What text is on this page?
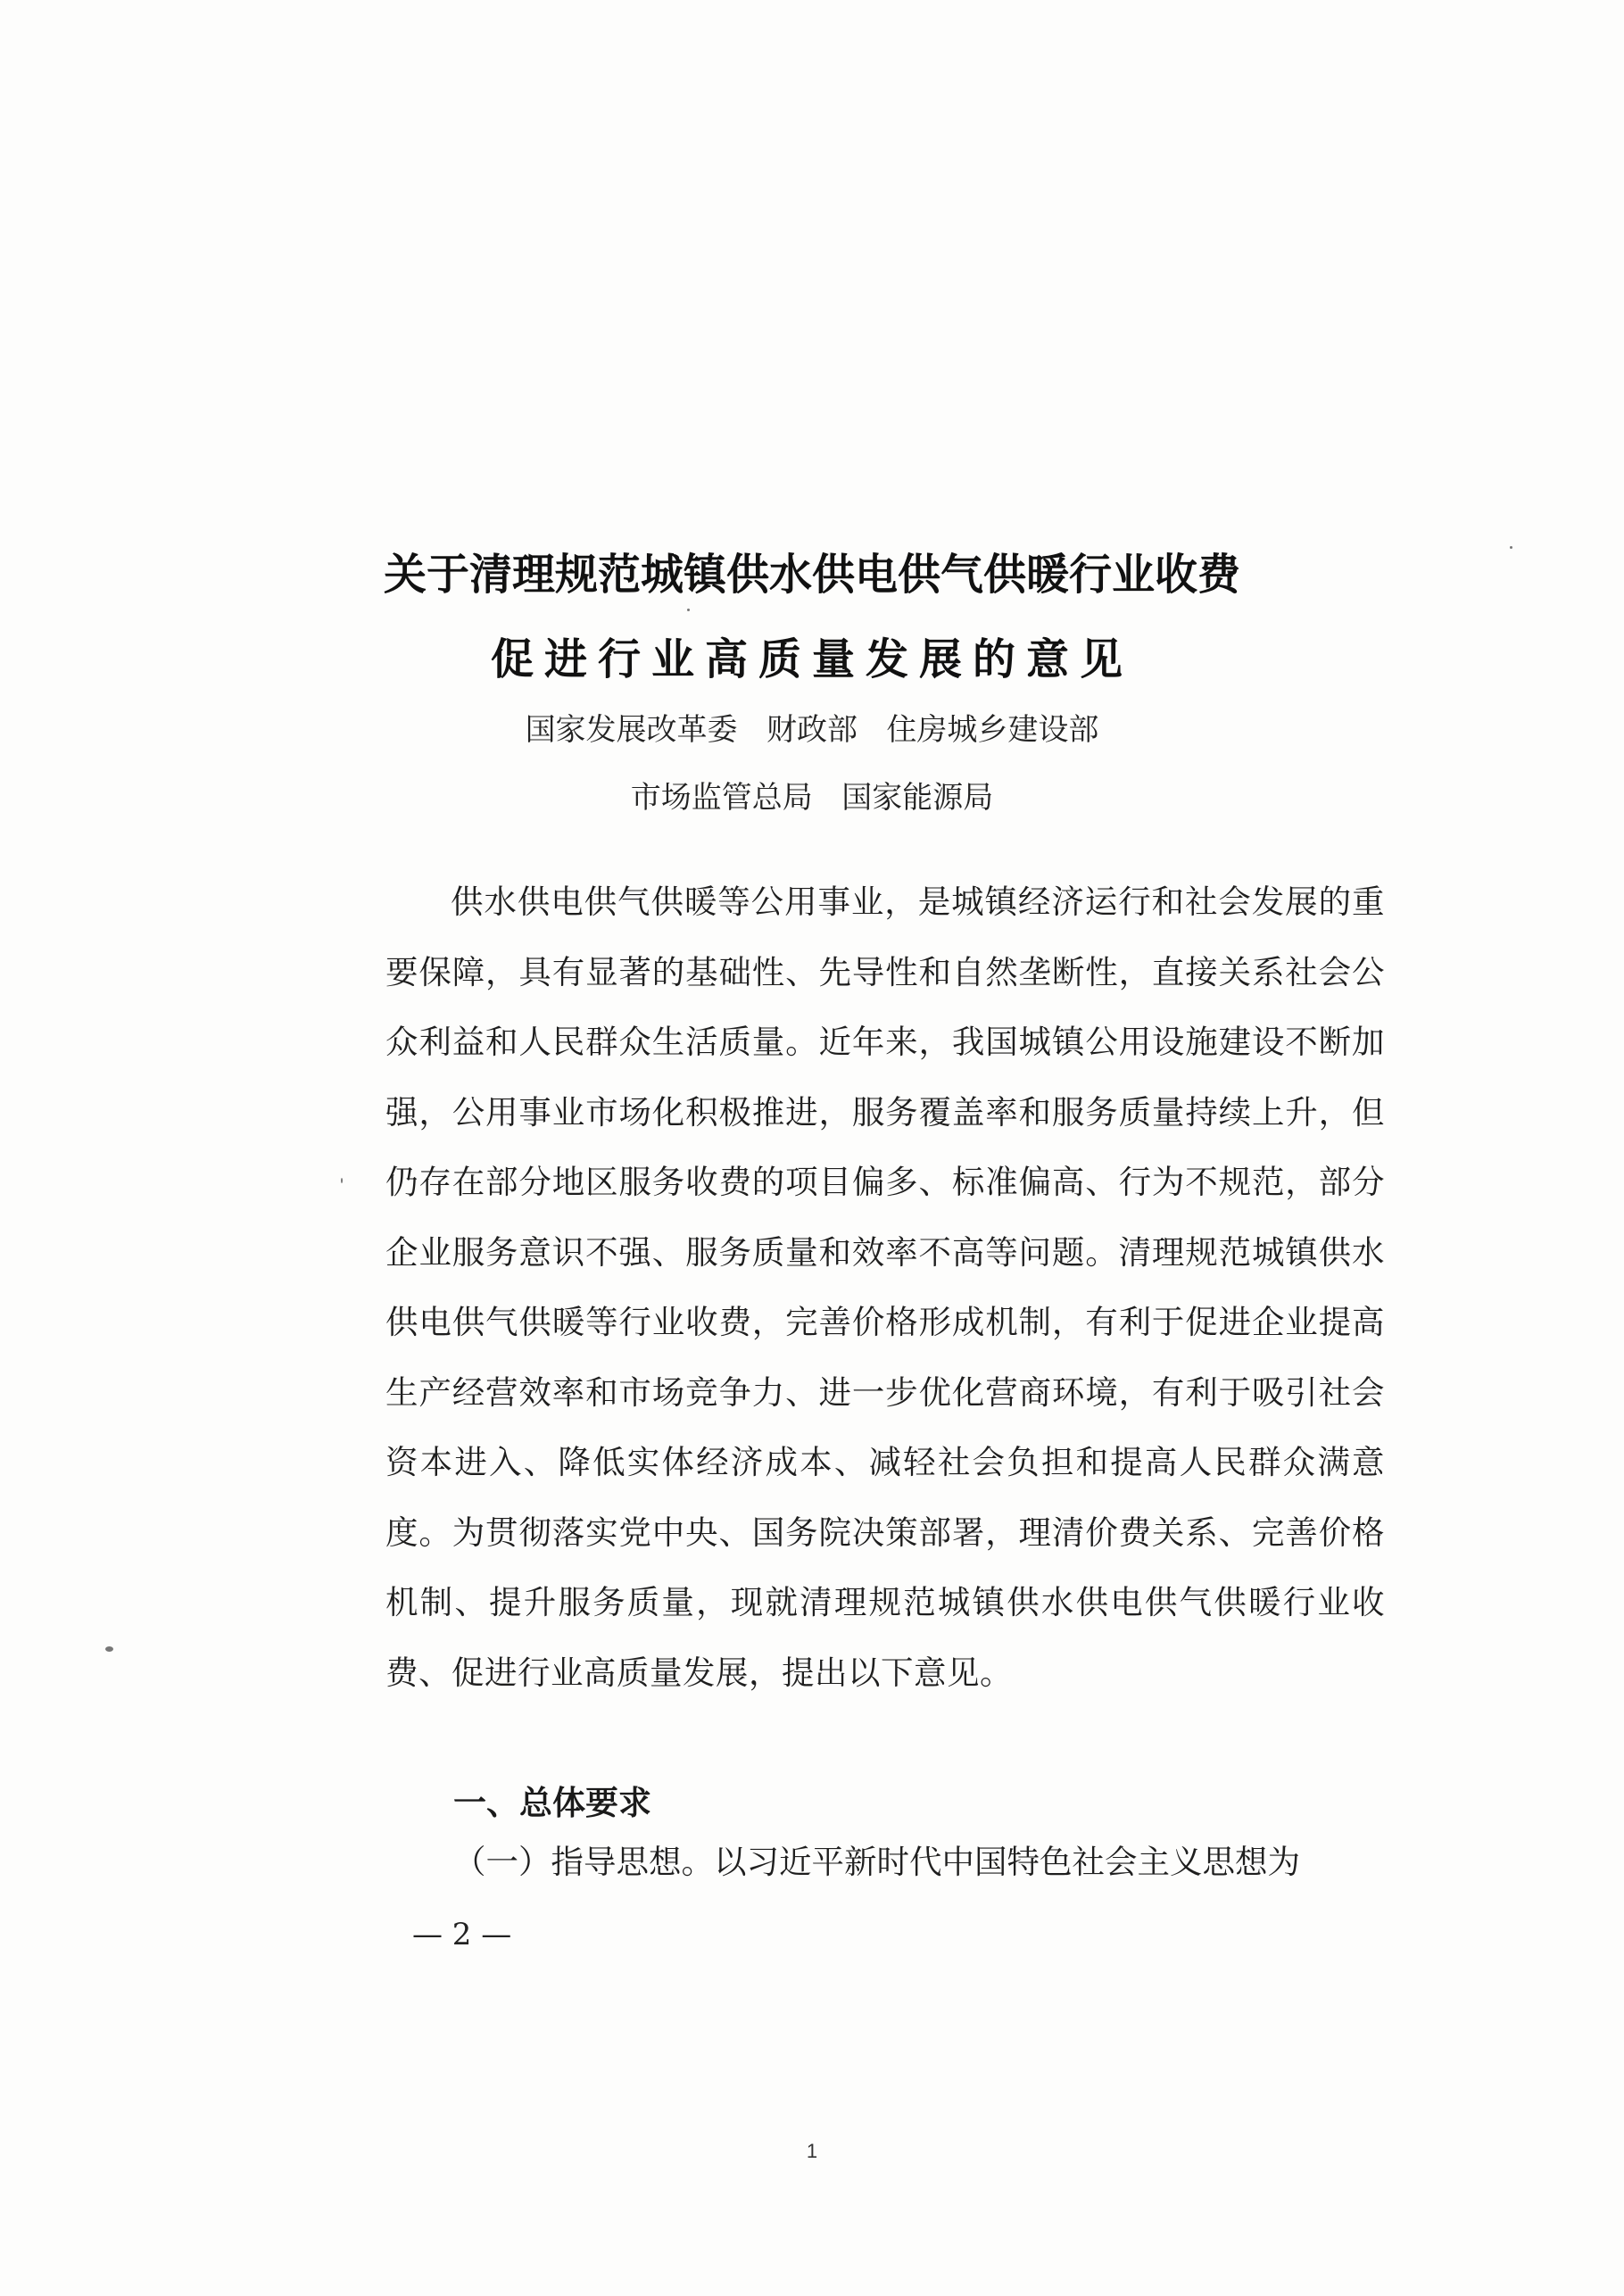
关于清理规范城镇供水供电供气供暖行业收费
促进行业高质量发展的意见
国家发展改革委   财政部   住房城乡建设部
市场监管总局   国家能源局
供水供电供气供暖等公用事业，是城镇经济运行和社会发展的重要保障，具有显著的基础性、先导性和自然垄断性，直接关系社会公众利益和人民群众生活质量。近年来，我国城镇公用设施建设不断加强，公用事业市场化积极推进，服务覆盖率和服务质量持续上升，但仍存在部分地区服务收费的项目偏多、标准偏高、行为不规范，部分企业服务意识不强、服务质量和效率不高等问题。清理规范城镇供水供电供气供暖等行业收费，完善价格形成机制，有利于促进企业提高生产经营效率和市场竞争力、进一步优化营商环境，有利于吸引社会资本进入、降低实体经济成本、减轻社会负担和提高人民群众满意度。为贯彻落实党中央、国务院决策部署，理清价费关系、完善价格机制、提升服务质量，现就清理规范城镇供水供电供气供暖行业收费、促进行业高质量发展，提出以下意见。
一、总体要求
（一）指导思想。以习近平新时代中国特色社会主义思想为
— 2 —
1
